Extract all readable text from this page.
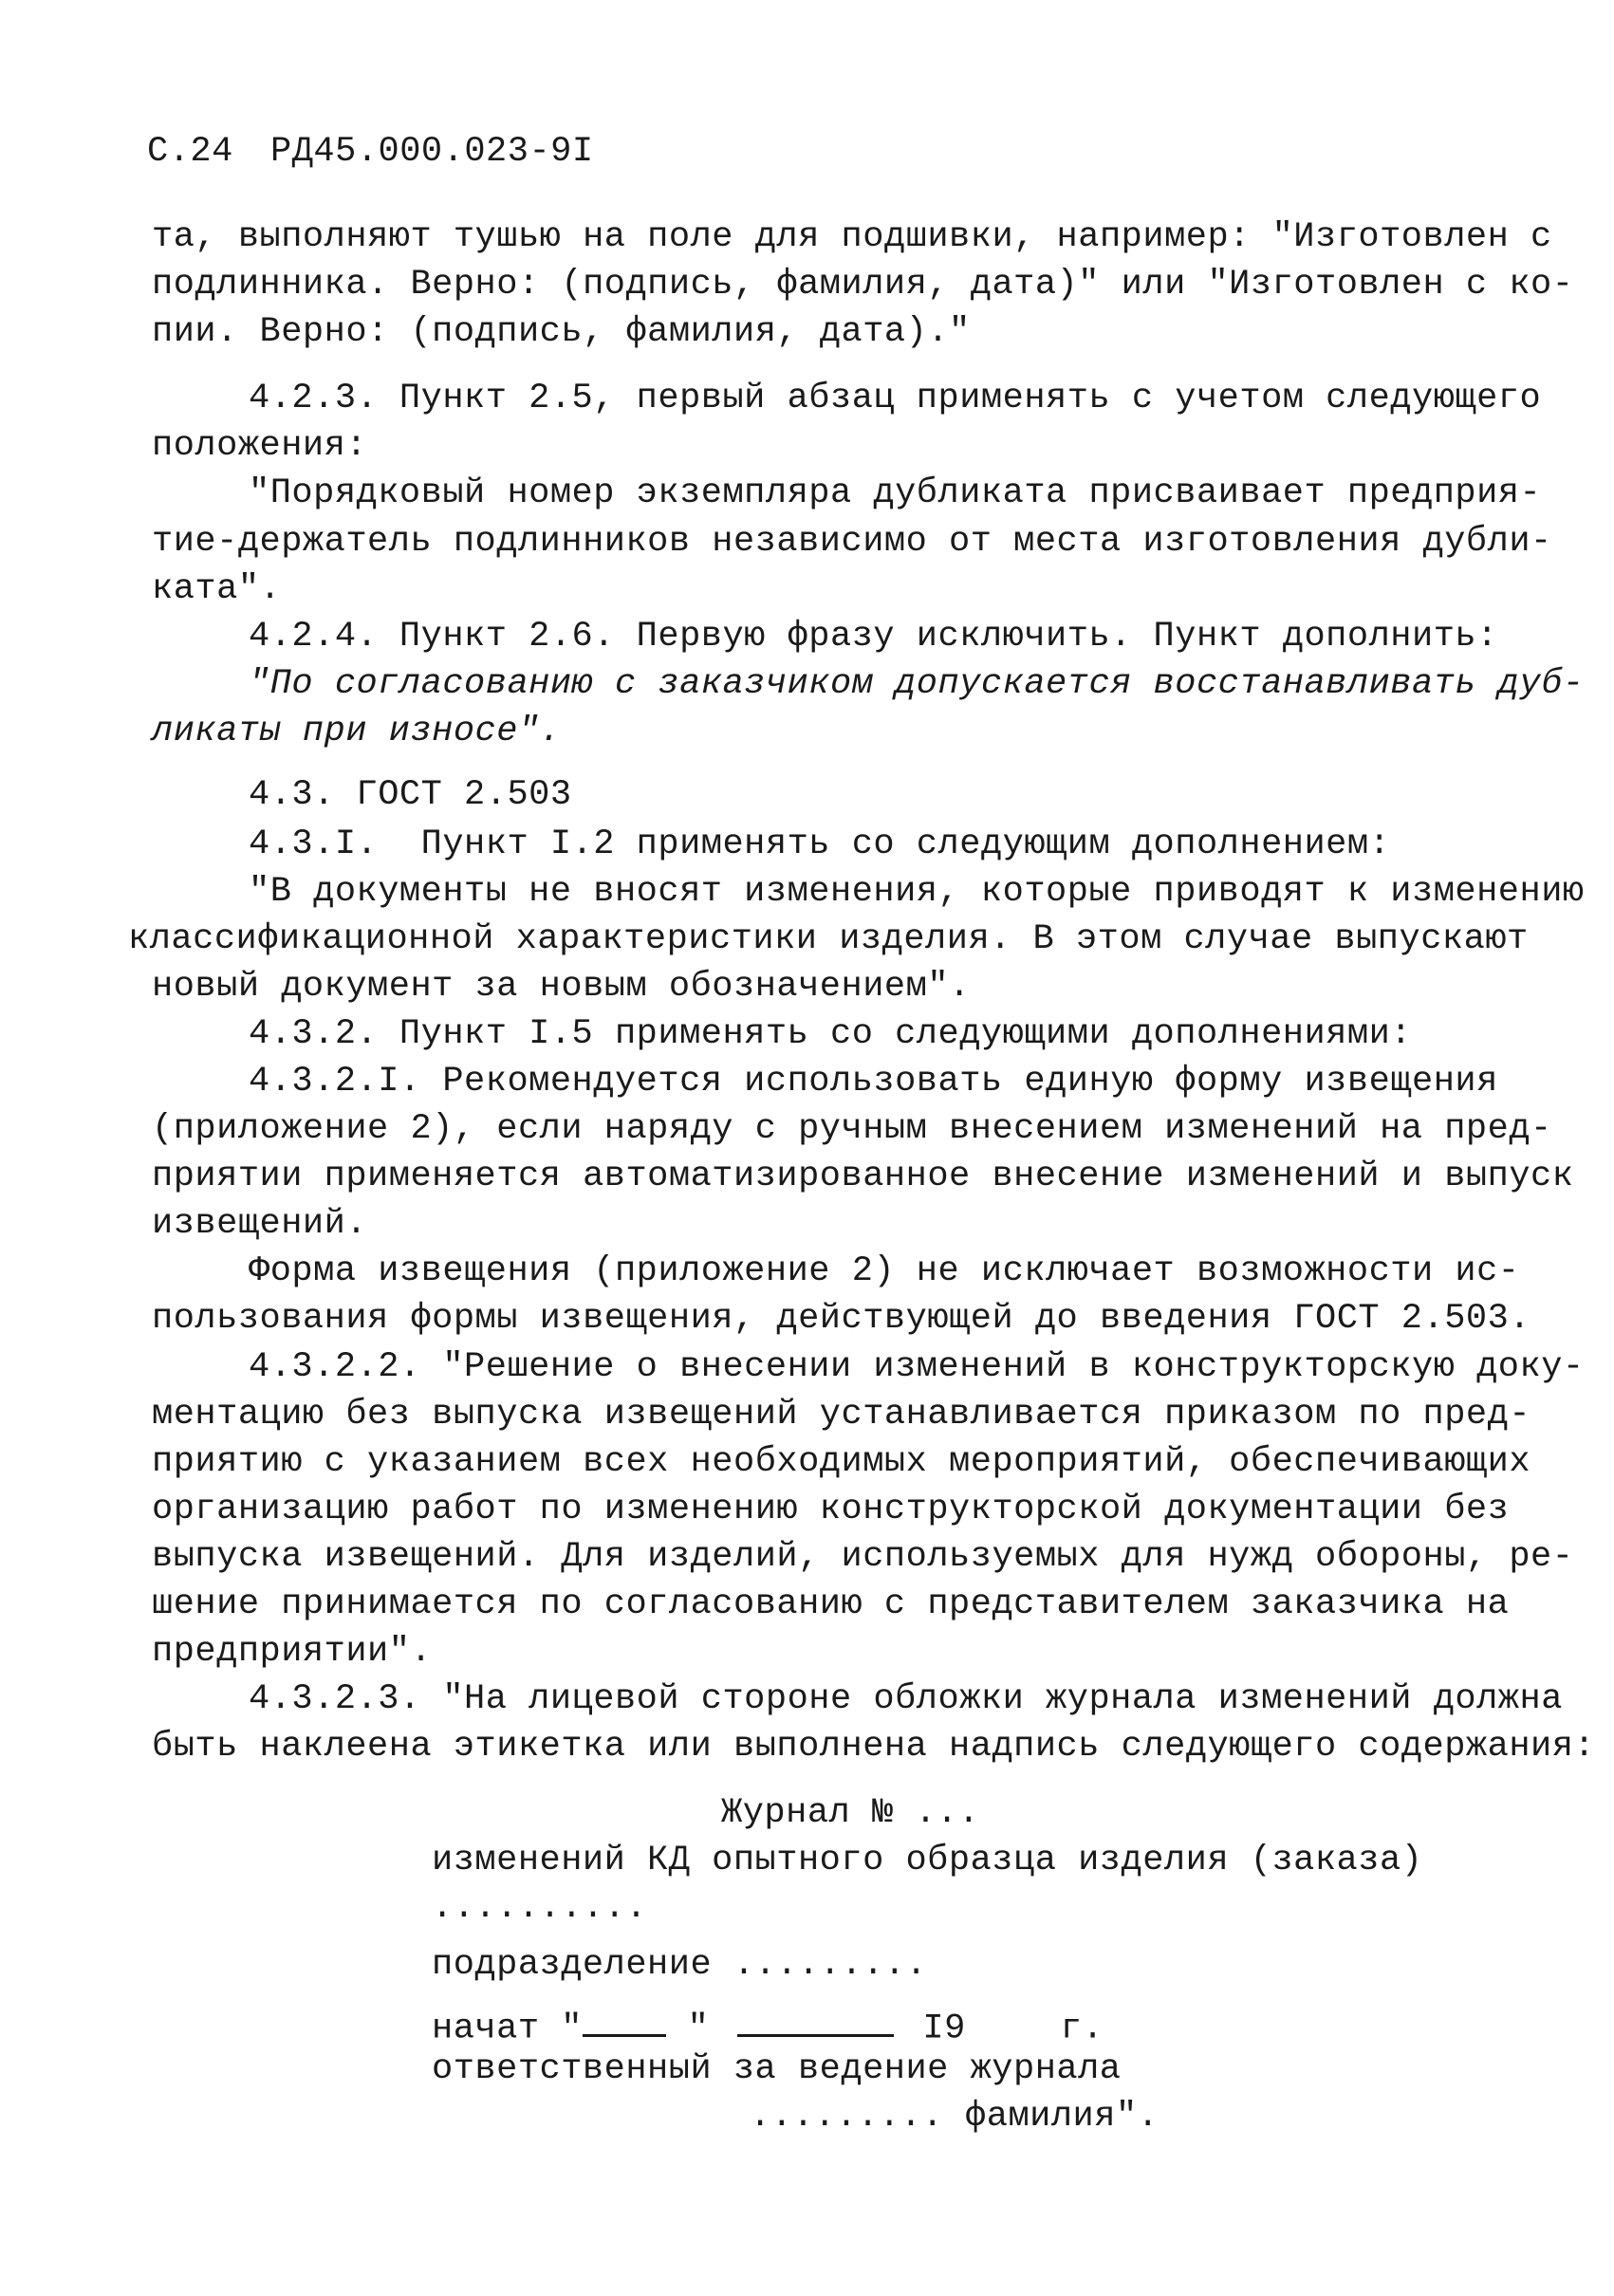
С.24 РД45.000.023-9I
та, выполняют тушью на поле для подшивки, например: "Изготовлен с
подлинника. Верно: (подпись, фамилия, дата)" или "Изготовлен с ко-
пии. Верно: (подпись, фамилия, дата)."
4.2.3. Пункт 2.5, первый абзац применять с учетом следующего
положения:
"Порядковый номер экземпляра дубликата присваивает предприя-
тие-держатель подлинников независимо от места изготовления дубли-
ката".
4.2.4. Пункт 2.6. Первую фразу исключить. Пункт дополнить:
"По согласованию с заказчиком допускается восстанавливать дуб-
ликаты при износе".
4.3. ГОСТ 2.503
4.3.I.  Пункт I.2 применять со следующим дополнением:
"В документы не вносят изменения, которые приводят к изменению
классификационной характеристики изделия. В этом случае выпускают
новый документ за новым обозначением".
4.3.2. Пункт I.5 применять со следующими дополнениями:
4.3.2.I. Рекомендуется использовать единую форму извещения
(приложение 2), если наряду с ручным внесением изменений на пред-
приятии применяется автоматизированное внесение изменений и выпуск
извещений.
Форма извещения (приложение 2) не исключает возможности ис-
пользования формы извещения, действующей до введения ГОСТ 2.503.
4.3.2.2. "Решение о внесении изменений в конструкторскую доку-
ментацию без выпуска извещений устанавливается приказом по пред-
приятию с указанием всех необходимых мероприятий, обеспечивающих
организацию работ по изменению конструкторской документации без
выпуска извещений. Для изделий, используемых для нужд обороны, ре-
шение принимается по согласованию с представителем заказчика на
предприятии".
4.3.2.3. "На лицевой стороне обложки журнала изменений должна
быть наклеена этикетка или выполнена надпись следующего содержания:
Журнал № ...
изменений КД опытного образца изделия (заказа)
..........
подразделение .........
начат " "	I9	г.
ответственный за ведение журнала
......... фамилия".
